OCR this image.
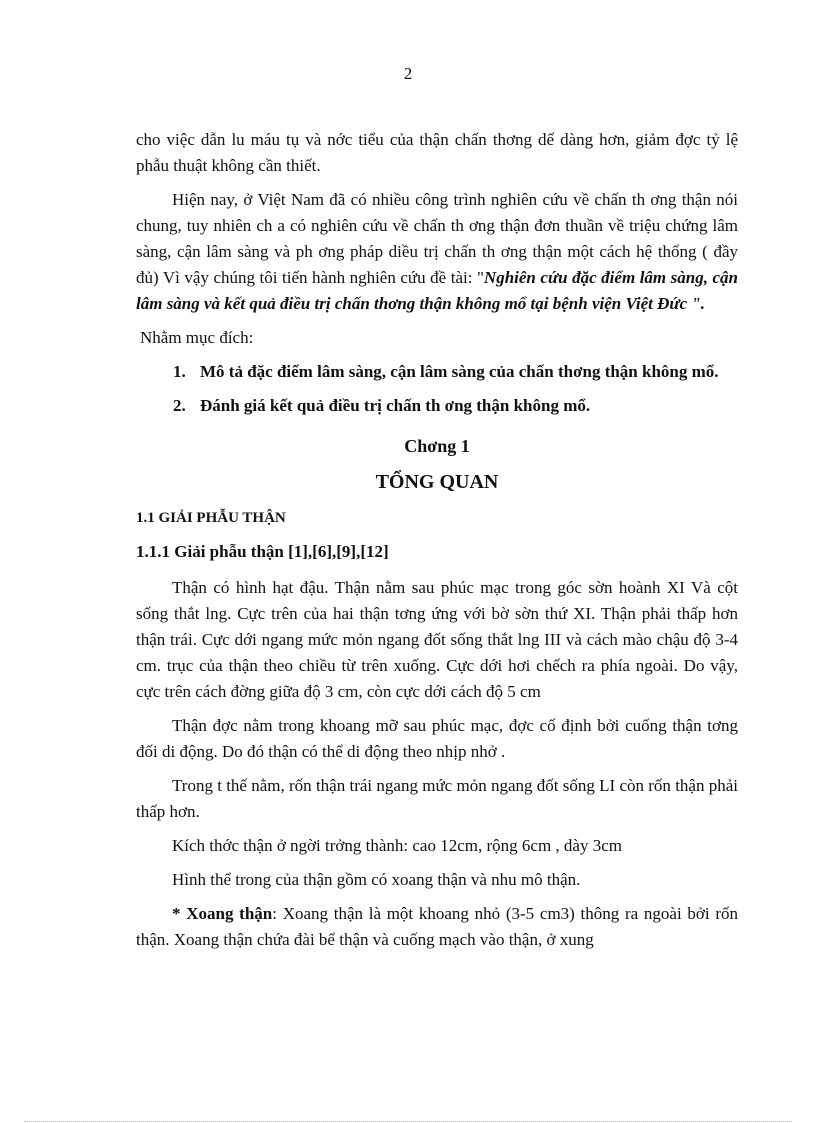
2

cho việc dẫn lu máu tụ và nớc tiểu của thận chấn thơng dể dàng hơn, giảm đợc tỷ lệ phẫu thuật không cần thiết.

Hiện nay, ở Việt Nam đã có nhiều công trình nghiên cứu về chấn th ơng thận nói chung, tuy nhiên ch a có nghiên cứu về chấn th ơng thận đơn thuần về triệu chứng lâm sàng, cận lâm sàng và ph ơng pháp diều trị chấn th ơng thận một cách hệ thống ( đầy đủ) Vì vậy chúng tôi tiến hành nghiên cứu đề tài: "Nghiên cứu đặc điểm lâm sàng, cận lâm sàng và kết quả điều trị chấn thơng thận không mổ tại bệnh viện Việt Đức ".

Nhằm mục đích:

1. Mô tả đặc điểm lâm sàng, cận lâm sàng của chấn thơng thận không mổ.
2. Đánh giá kết quả điều trị chấn th ơng thận không mổ.
Chơng 1
TỔNG QUAN
1.1 GIẢI PHẪU THẬN
1.1.1 Giải phẫu thận [1],[6],[9],[12]

Thận có hình hạt đậu. Thận nằm sau phúc mạc trong góc sờn hoành XI Và cột sống thắt lng. Cực trên của hai thận tơng ứng với bờ sờn thứ XI. Thận phải thấp hơn thận trái. Cực dới ngang mức mỏn ngang đốt sống thắt lng III và cách mào chậu độ 3-4 cm. trục của thận theo chiều từ trên xuống. Cực dới hơi chếch ra phía ngoài. Do vậy, cực trên cách đờng giữa độ 3 cm, còn cực dới cách độ 5 cm

Thận đợc nằm trong khoang mỡ sau phúc mạc, đợc cố định bởi cuống thận tơng đối di động. Do đó thận có thể di động theo nhịp nhở .

Trong t thế nằm, rốn thận trái ngang mức mỏn ngang đốt sống LI còn rốn thận phải thấp hơn.

Kích thớc thận ở ngời trởng thành: cao 12cm, rộng 6cm , dày 3cm

Hình thể trong của thận gồm có xoang thận và nhu mô thận.

* Xoang thận: Xoang thận là một khoang nhỏ (3-5 cm3) thông ra ngoài bởi rốn thận. Xoang thận chứa đài bể thận và cuống mạch vào thận, ở xung
